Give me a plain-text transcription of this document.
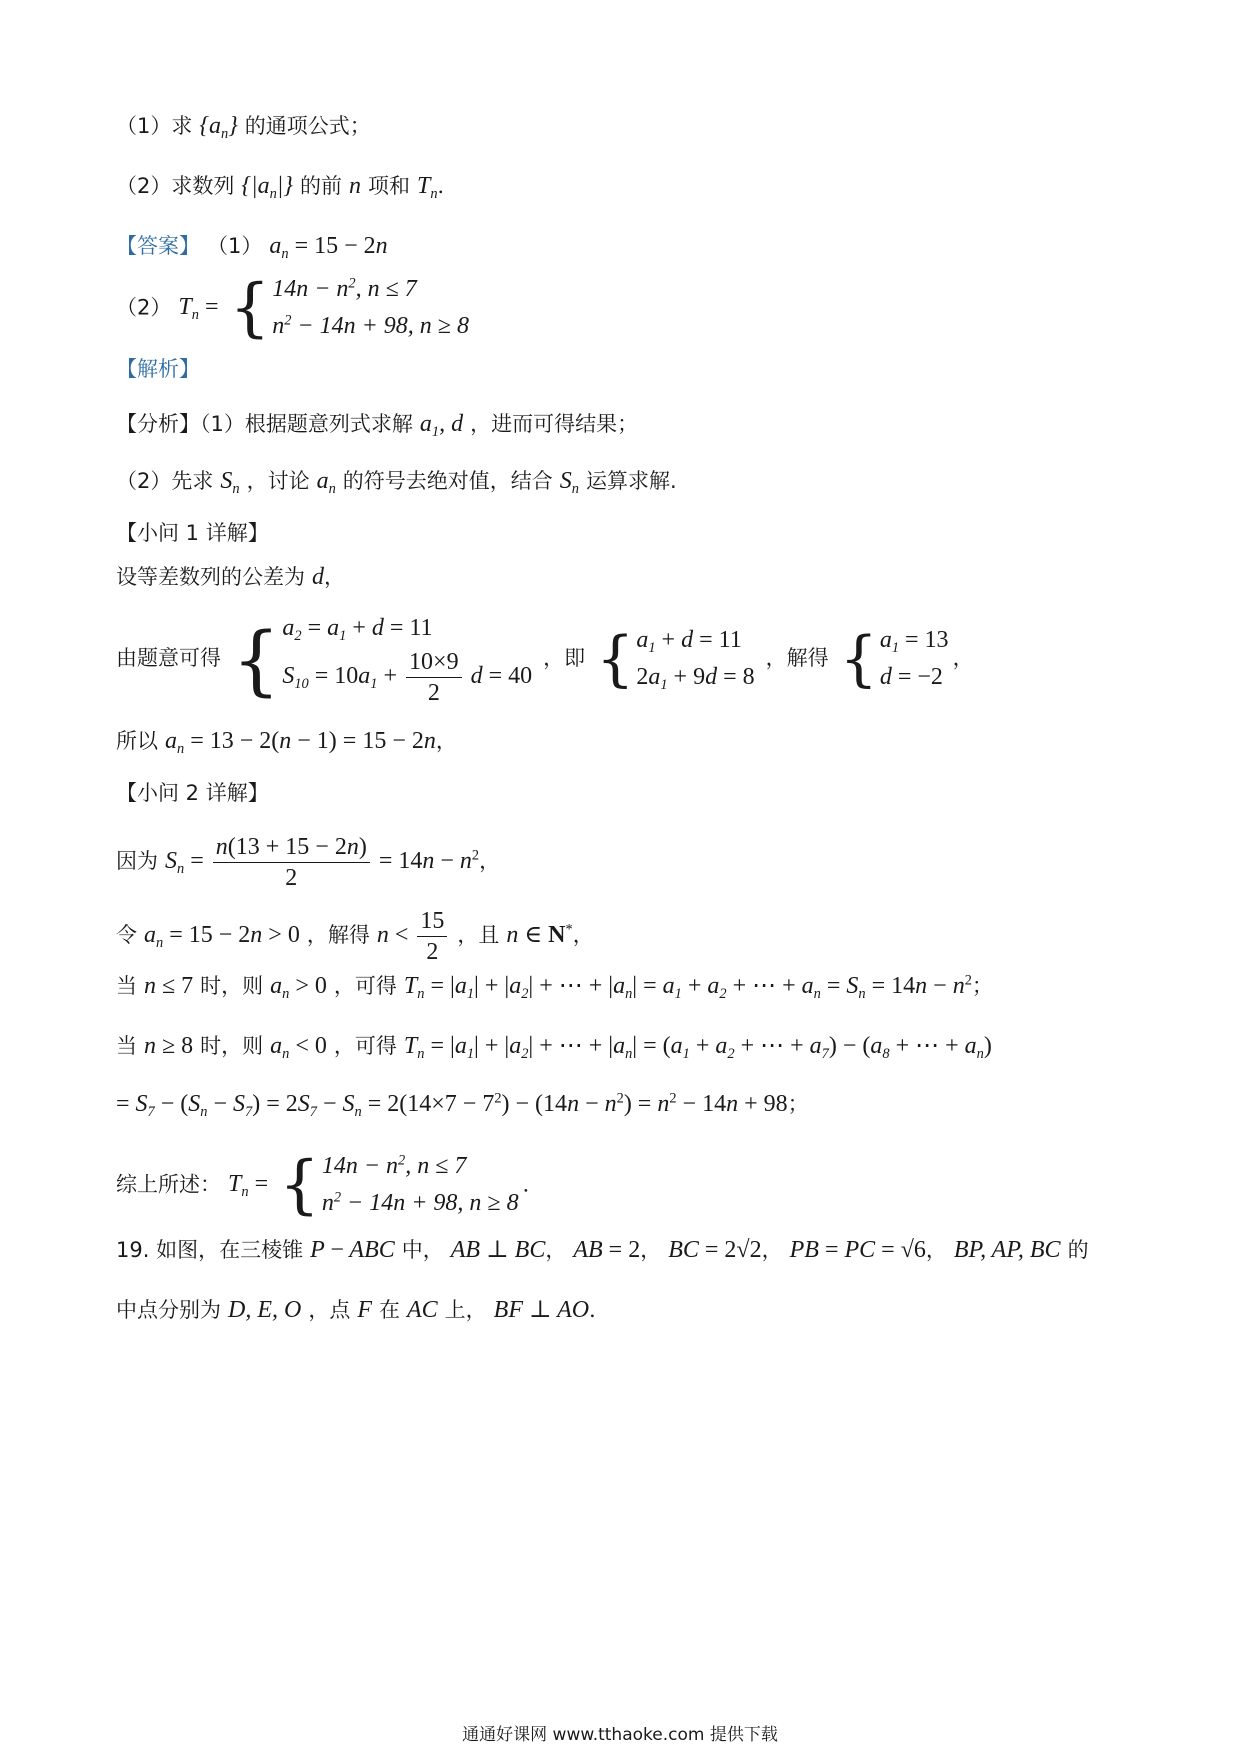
（1）求 $\{a_n\}$ 的通项公式；
（2）求数列 $\{|a_n|\}$ 的前 n 项和 $T_n$．
【答案】 （1） $a_n = 15 - 2n$
（2） $T_n$ = { $14n - n^2$, n ≤ 7
$n^2 - 14n + 98$, n ≥ 8
【解析】
【分析】（1）根据题意列式求解 $a_1$, d ，进而可得结果；
（2）先求 $S_n$ ，讨论 $a_n$ 的符号去绝对值，结合 $S_n$ 运算求解.
【小问 1 详解】
设等差数列的公差为 d，
由题意可得 { $a_2 = a_1 + d = 11$
$S_{10} = 10a_1 + \frac{10\times 9}{2}$ d = 40
，即 { $a_1 + d = 11$
$2a_1 + 9d = 8$
，解得 { $a_1 = 13$
d = −2
，
所以 $a_n = 13 - 2(n - 1) = 15 - 2n$，
【小问 2 详解】
因为 $S_n = \frac{n(13 + 15 - 2n)}{2} = 14n - n^2$，
令 $a_n = 15 - 2n > 0$ ，解得 $n < \frac{15}{2}$ ，且 n ∈ N*，
当 n ≤ 7 时，则 $a_n > 0$ ，可得 $T_n = |a_1| + |a_2|$ + ⋯ + $|a_n| = a_1 + a_2$ + ⋯ + $a_n = S_n = 14n - n^2$；
当 n ≥ 8 时，则 $a_n < 0$ ，可得 $T_n = |a_1| + |a_2|$ + ⋯ + $|a_n| = (a_1 + a_2$ + ⋯ + $a_7) - (a_8$ + ⋯ + $a_n$)
= $S_7 - (S_n - S_7) = 2S_7 - S_n = 2(14\times 7 - 7^2) - (14n - n^2) = n^2 - 14n + 98$；
综上所述： $T_n$ = { $14n - n^2$, n ≤ 7
$n^2 - 14n + 98$, n ≥ 8
．
19. 如图，在三棱锥 P − ABC 中， AB ⊥ BC， AB = 2， BC = 2√2， PB = PC = √6， BP, AP, BC 的
中点分别为 D, E, O ，点 F 在 AC 上， BF ⊥ AO．
通通好课网 www.tthaoke.com 提供下载
